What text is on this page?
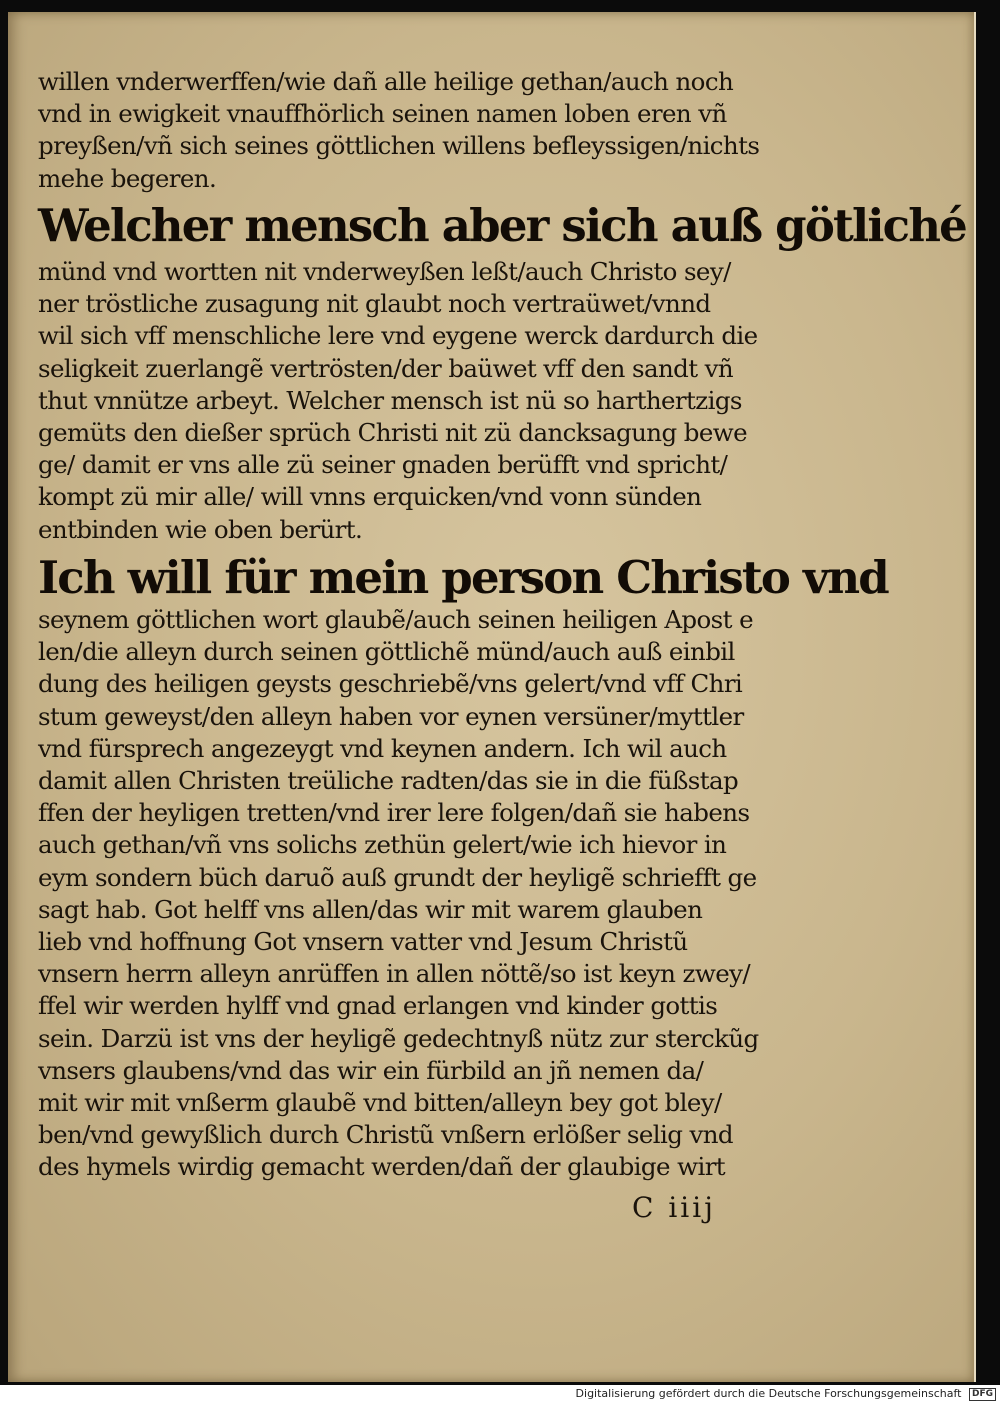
willen vnderwerffen/wie dañ alle heilige gethan/auch noch
vnd in ewigkeit vnauffhörlich seinen namen loben eren vñ
preyßen/vñ sich seines göttlichen willens befleyssigen/nichts
mehe begeren.
Welcher mensch aber sich auß götliché
münd vnd wortten nit vnderweyßen leßt/auch Christo sey/
ner tröstliche zusagung nit glaubt noch vertraüwet/vnnd
wil sich vff menschliche lere vnd eygene werck dardurch die
seligkeit zuerlangẽ vertrösten/der baüwet vff den sandt vñ
thut vnnütze arbeyt. Welcher mensch ist nü so harthertzigs
gemüts den dießer sprüch Christi nit zü dancksagung bewe
ge/ damit er vns alle zü seiner gnaden berüfft vnd spricht/
kompt zü mir alle/ will vnns erquicken/vnd vonn sünden
entbinden wie oben berürt.
Ich will für mein person Christo vnd
seynem göttlichen wort glaubẽ/auch seinen heiligen Apost e
len/die alleyn durch seinen göttlichẽ münd/auch auß einbil
dung des heiligen geysts geschriebẽ/vns gelert/vnd vff Chri
stum geweyst/den alleyn haben vor eynen versüner/myttler
vnd fürsprech angezeygt vnd keynen andern. Ich wil auch
damit allen Christen treüliche radten/das sie in die füßstap
ffen der heyligen tretten/vnd irer lere folgen/dañ sie habens
auch gethan/vñ vns solichs zethün gelert/wie ich hievor in
eym sondern büch daruõ auß grundt der heyligẽ schriefft ge
sagt hab. Got helff vns allen/das wir mit warem glauben
lieb vnd hoffnung Got vnsern vatter vnd Jesum Christũ
vnsern herrn alleyn anrüffen in allen nöttẽ/so ist keyn zwey/
ffel wir werden hylff vnd gnad erlangen vnd kinder gottis
sein. Darzü ist vns der heyligẽ gedechtnyß nütz zur sterckũg
vnsers glaubens/vnd das wir ein fürbild an jñ nemen da/
mit wir mit vnßerm glaubẽ vnd bitten/alleyn bey got bley/
ben/vnd gewyßlich durch Christũ vnßern erlößer selig vnd
des hymels wirdig gemacht werden/dañ der glaubige wirt
C iiij
Digitalisierung gefördert durch die Deutsche Forschungsgemeinschaft DFG
